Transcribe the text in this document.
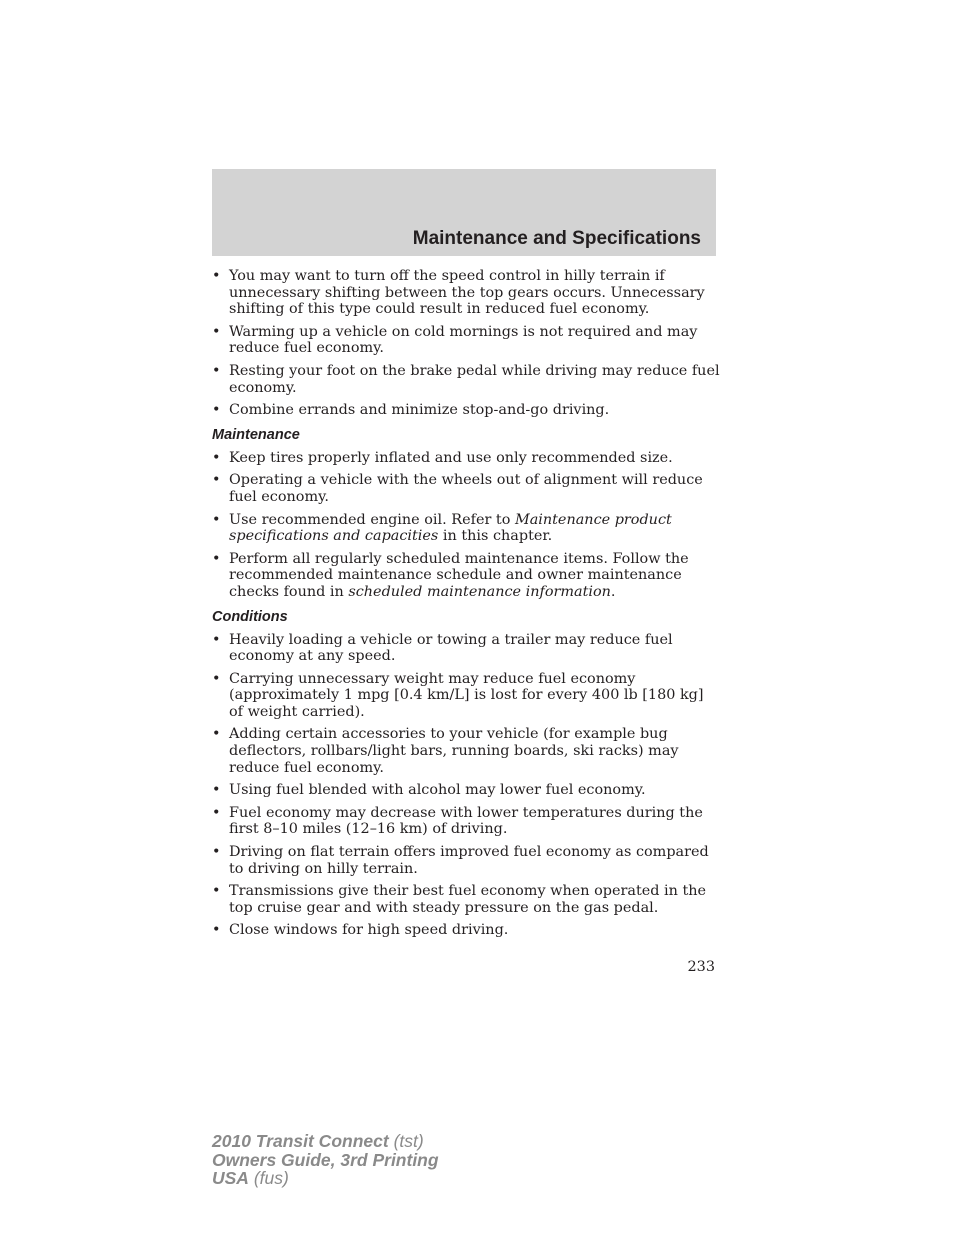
Maintenance and Specifications
• You may want to turn off the speed control in hilly terrain if unnecessary shifting between the top gears occurs. Unnecessary shifting of this type could result in reduced fuel economy.
• Warming up a vehicle on cold mornings is not required and may reduce fuel economy.
• Resting your foot on the brake pedal while driving may reduce fuel economy.
• Combine errands and minimize stop-and-go driving.
Maintenance
• Keep tires properly inflated and use only recommended size.
• Operating a vehicle with the wheels out of alignment will reduce fuel economy.
• Use recommended engine oil. Refer to Maintenance product specifications and capacities in this chapter.
• Perform all regularly scheduled maintenance items. Follow the recommended maintenance schedule and owner maintenance checks found in scheduled maintenance information.
Conditions
• Heavily loading a vehicle or towing a trailer may reduce fuel economy at any speed.
• Carrying unnecessary weight may reduce fuel economy (approximately 1 mpg [0.4 km/L] is lost for every 400 lb [180 kg] of weight carried).
• Adding certain accessories to your vehicle (for example bug deflectors, rollbars/light bars, running boards, ski racks) may reduce fuel economy.
• Using fuel blended with alcohol may lower fuel economy.
• Fuel economy may decrease with lower temperatures during the first 8–10 miles (12–16 km) of driving.
• Driving on flat terrain offers improved fuel economy as compared to driving on hilly terrain.
• Transmissions give their best fuel economy when operated in the top cruise gear and with steady pressure on the gas pedal.
• Close windows for high speed driving.
233
2010 Transit Connect (tst)
Owners Guide, 3rd Printing
USA (fus)
